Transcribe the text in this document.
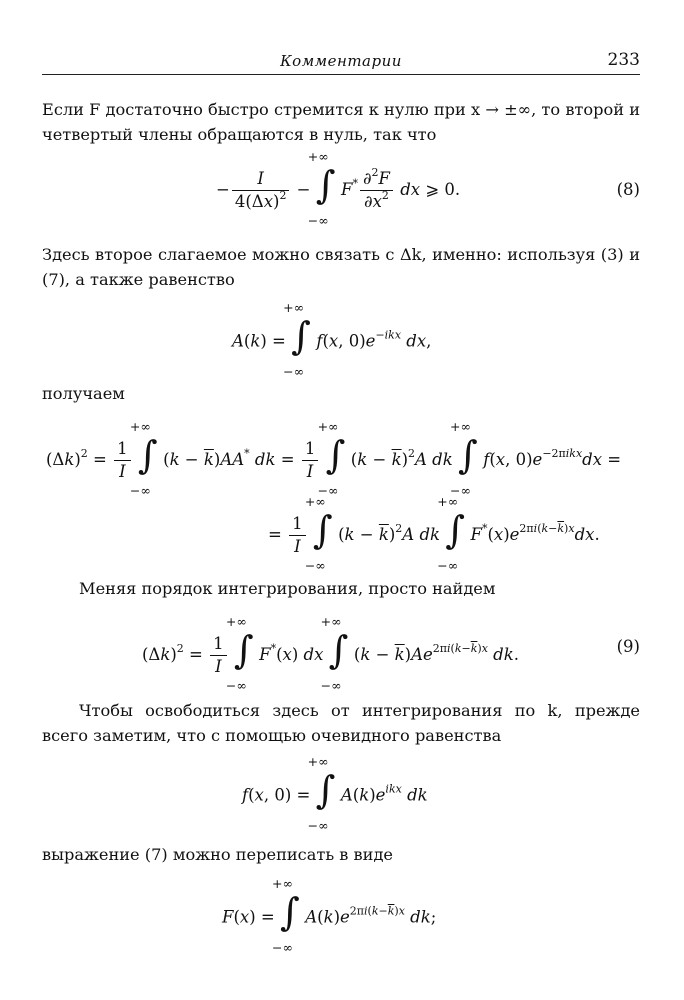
Комментарии	233
Если F достаточно быстро стремится к нулю при x → ±∞, то второй и четвертый члены обращаются в нуль, так что
− $\frac{I}{4(\Delta x)^2}$ − ∫
+∞
−∞
$F^* \frac{\partial^2F}{\partial x^2}$ dx ⩾ 0.	(8)
Здесь второе слагаемое можно связать с Δk, именно: используя (3) и (7), а также равенство
A(k) = ∫
+∞
−∞
f(x, $0)e^{-ikx}$ dx,
получаем
$(\Delta k)^2 = \frac{1}{I}$
∫
+∞
−∞
$(k - \overline{k})AA^*$ dk = $\frac{1}{I}$
∫
+∞
−∞
$(k - \overline{k})^2A$ dk ∫
+∞
−∞
f(x, $0)e^{-2\pi ikx}dx$ =
= $\frac{1}{I}$
∫
+∞
−∞
$(k - \overline{k})^2A$ dk ∫
+∞
−∞
$F^*(x)e^{2\pi i(k-\overline{k})x}dx$.
Меняя порядок интегрирования, просто найдем
$(\Delta k)^2 = \frac{1}{I}$
∫
+∞
−∞
F*(x) dx ∫
+∞
−∞
$(k - \overline{k})Ae^{2\pi i(k-\overline{k})x}$ dk.	(9)
Чтобы освободиться здесь от интегрирования по k, прежде всего заметим, что с помощью очевидного равенства
f(x, 0) = ∫
+∞
−∞
$A(k)e^{ikx}$ dk
выражение (7) можно переписать в виде
F(x) = ∫
+∞
−∞
$A(k)e^{2\pi i(k-\overline{k})x}$ dk;
